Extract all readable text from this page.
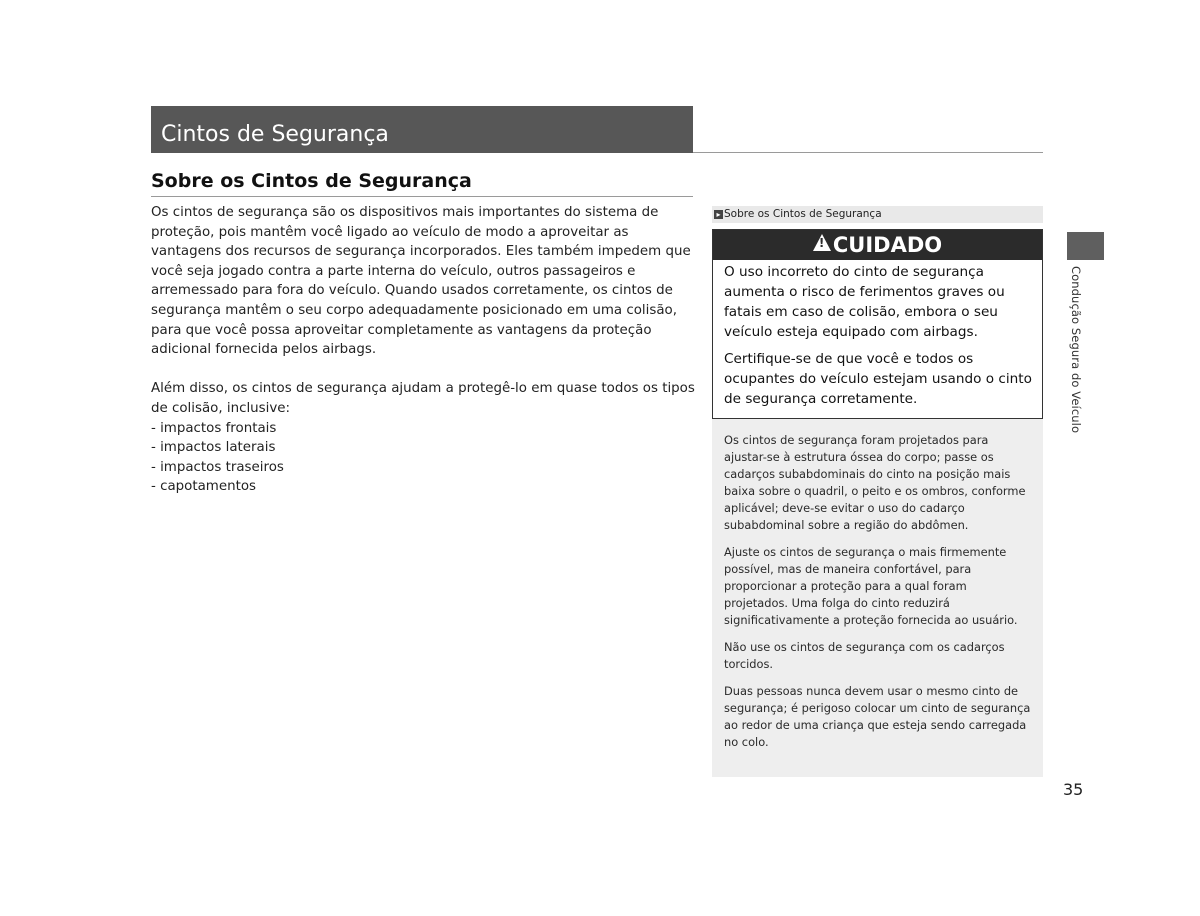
Cintos de Segurança
Sobre os Cintos de Segurança

Os cintos de segurança são os dispositivos mais importantes do sistema de proteção, pois mantêm você ligado ao veículo de modo a aproveitar as vantagens dos recursos de segurança incorporados. Eles também impedem que você seja jogado contra a parte interna do veículo, outros passageiros e arremessado para fora do veículo. Quando usados corretamente, os cintos de segurança mantêm o seu corpo adequadamente posicionado em uma colisão, para que você possa aproveitar completamente as vantagens da proteção adicional fornecida pelos airbags.

Além disso, os cintos de segurança ajudam a protegê-lo em quase todos os tipos de colisão, inclusive:

- impactos frontais
- impactos laterais
- impactos traseiros
- capotamentos
▸ Sobre os Cintos de Segurança
!CUIDADO

O uso incorreto do cinto de segurança aumenta o risco de ferimentos graves ou fatais em caso de colisão, embora o seu veículo esteja equipado com airbags.

Certifique-se de que você e todos os ocupantes do veículo estejam usando o cinto de segurança corretamente.

Os cintos de segurança foram projetados para ajustar-se à estrutura óssea do corpo; passe os cadarços subabdominais do cinto na posição mais baixa sobre o quadril, o peito e os ombros, conforme aplicável; deve-se evitar o uso do cadarço subabdominal sobre a região do abdômen.

Ajuste os cintos de segurança o mais firmemente possível, mas de maneira confortável, para proporcionar a proteção para a qual foram projetados. Uma folga do cinto reduzirá significativamente a proteção fornecida ao usuário.

Não use os cintos de segurança com os cadarços torcidos.

Duas pessoas nunca devem usar o mesmo cinto de segurança; é perigoso colocar um cinto de segurança ao redor de uma criança que esteja sendo carregada no colo.

Condução Segura do Veículo
35
